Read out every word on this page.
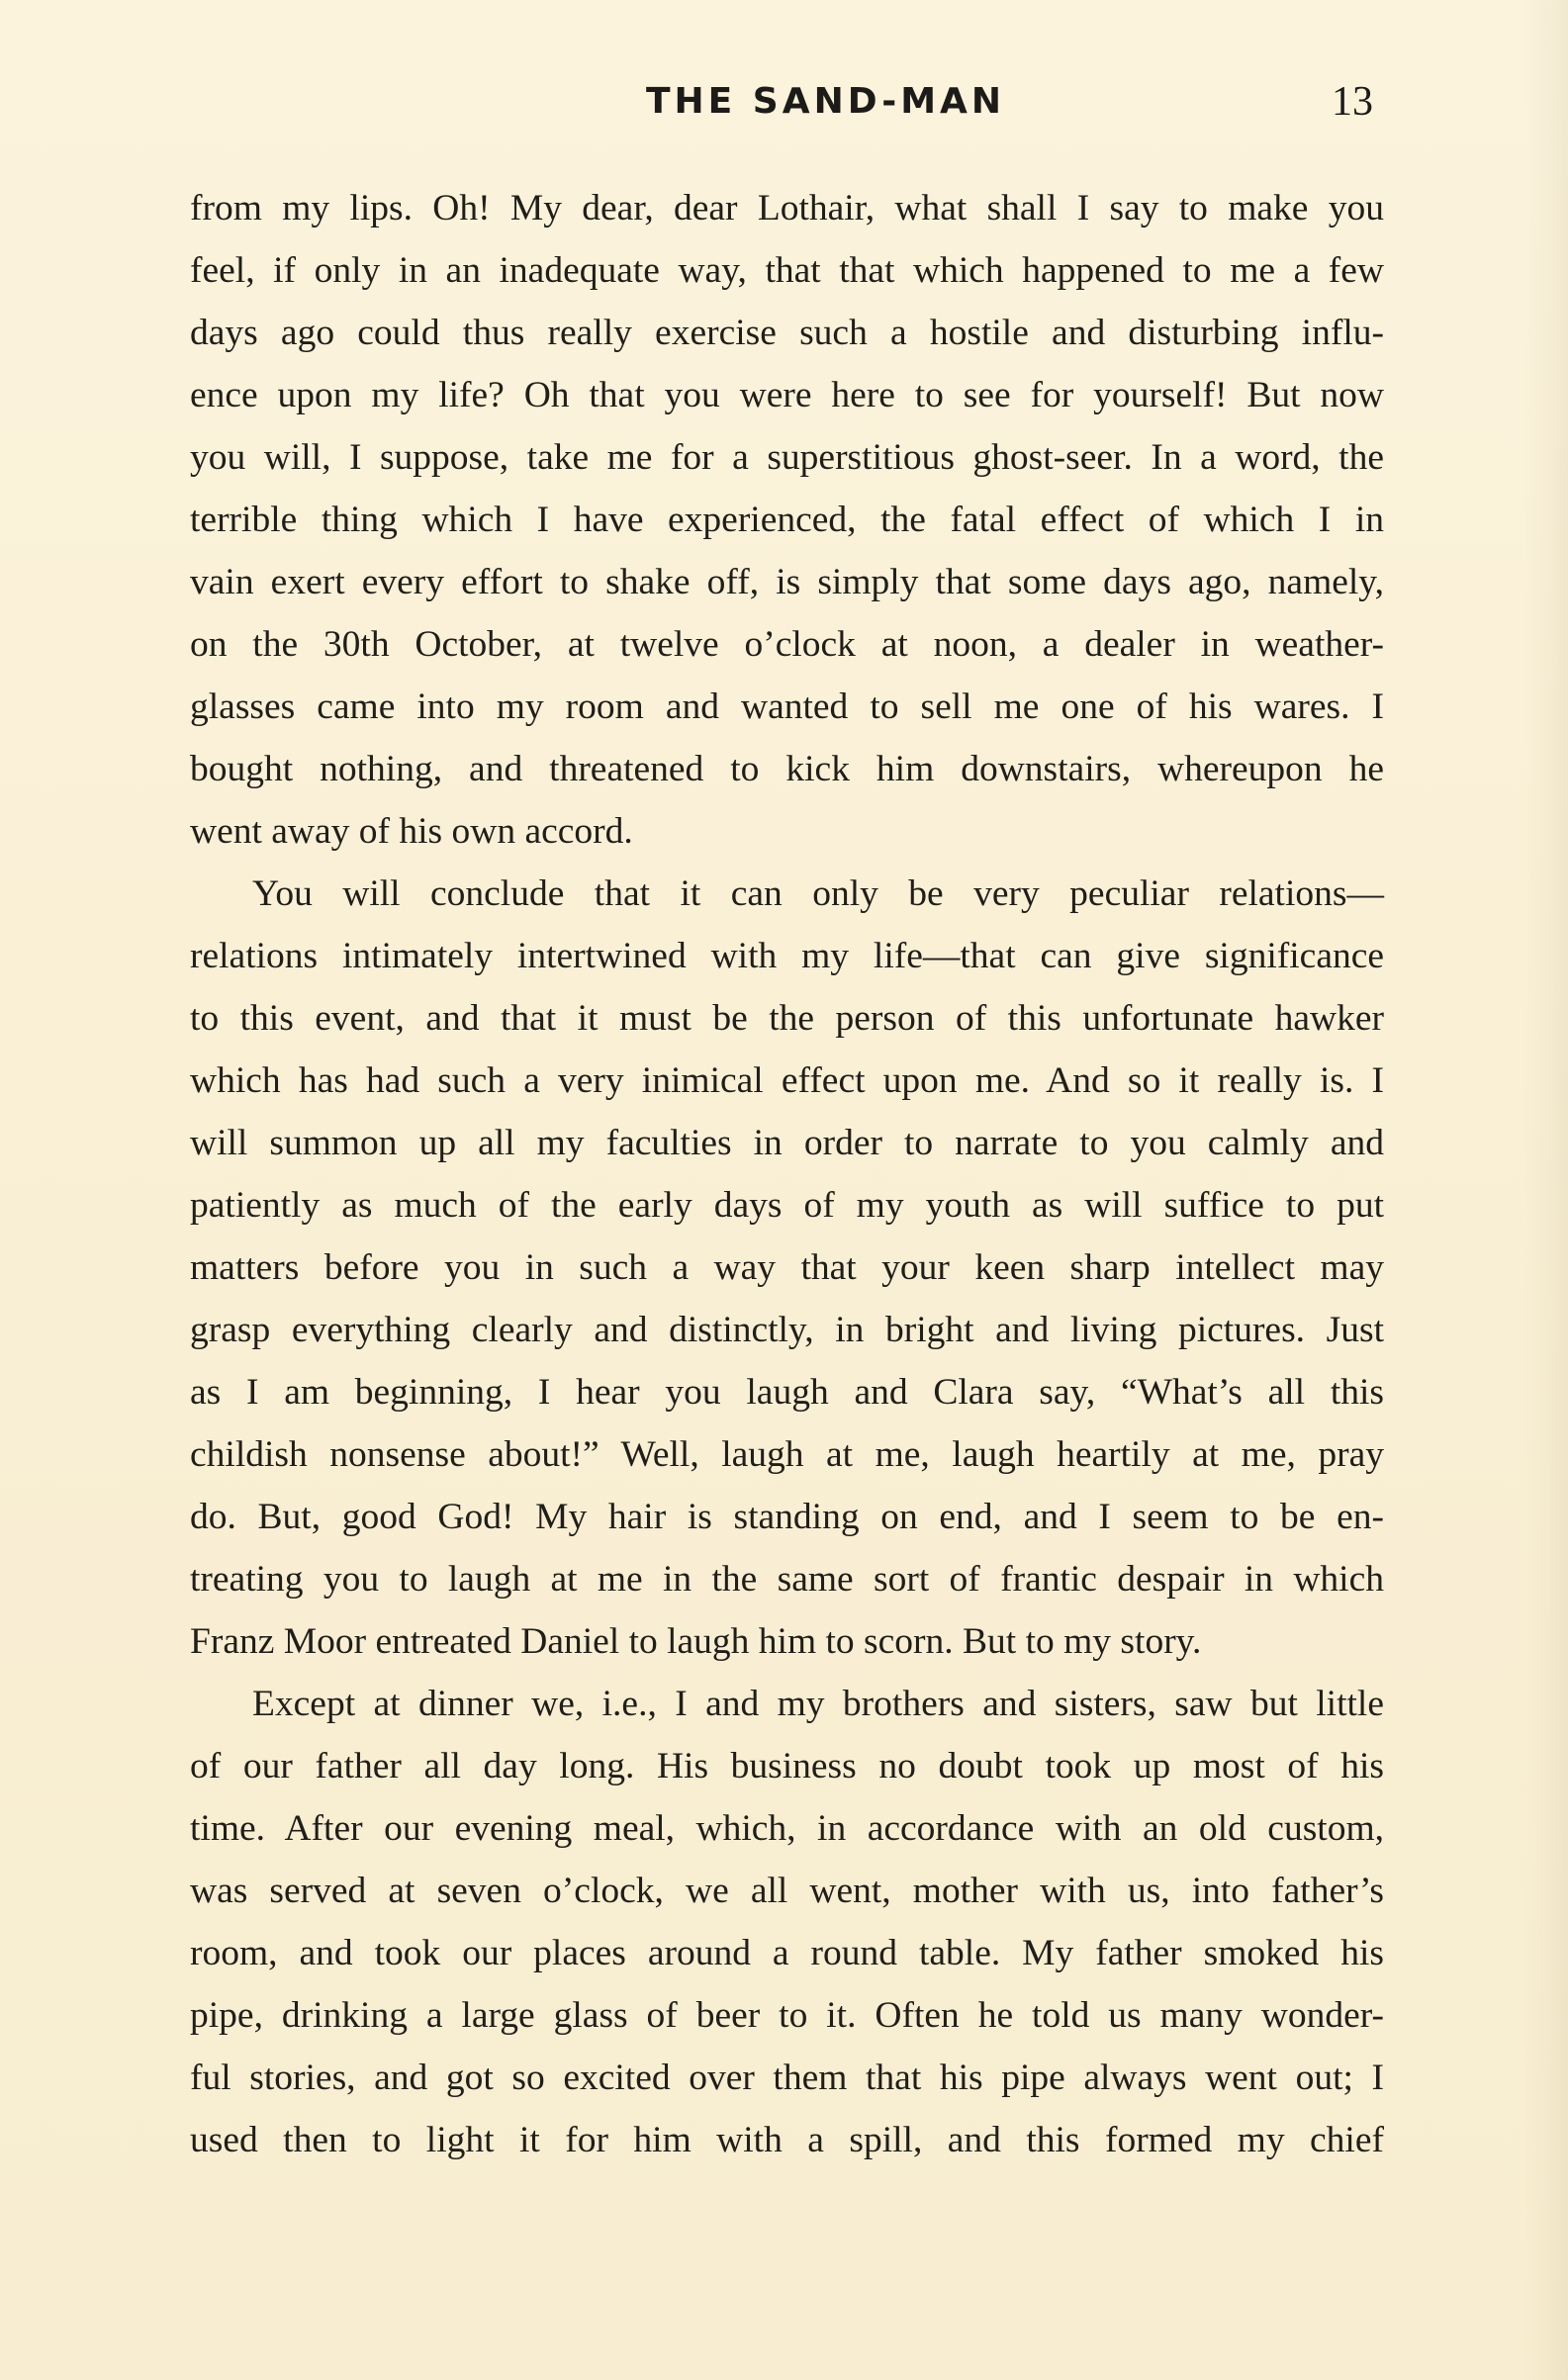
THE SAND-MAN	13
from my lips. Oh! My dear, dear Lothair, what shall I say to make you
feel, if only in an inadequate way, that that which happened to me a few
days ago could thus really exercise such a hostile and disturbing influ-
ence upon my life? Oh that you were here to see for yourself! But now
you will, I suppose, take me for a superstitious ghost-seer. In a word, the
terrible thing which I have experienced, the fatal effect of which I in
vain exert every effort to shake off, is simply that some days ago, namely,
on the 30th October, at twelve o’clock at noon, a dealer in weather-
glasses came into my room and wanted to sell me one of his wares. I
bought nothing, and threatened to kick him downstairs, whereupon he
went away of his own accord.
You will conclude that it can only be very peculiar relations—
relations intimately intertwined with my life—that can give significance
to this event, and that it must be the person of this unfortunate hawker
which has had such a very inimical effect upon me. And so it really is. I
will summon up all my faculties in order to narrate to you calmly and
patiently as much of the early days of my youth as will suffice to put
matters before you in such a way that your keen sharp intellect may
grasp everything clearly and distinctly, in bright and living pictures. Just
as I am beginning, I hear you laugh and Clara say, “What’s all this
childish nonsense about!” Well, laugh at me, laugh heartily at me, pray
do. But, good God! My hair is standing on end, and I seem to be en-
treating you to laugh at me in the same sort of frantic despair in which
Franz Moor entreated Daniel to laugh him to scorn. But to my story.
Except at dinner we, i.e., I and my brothers and sisters, saw but little
of our father all day long. His business no doubt took up most of his
time. After our evening meal, which, in accordance with an old custom,
was served at seven o’clock, we all went, mother with us, into father’s
room, and took our places around a round table. My father smoked his
pipe, drinking a large glass of beer to it. Often he told us many wonder-
ful stories, and got so excited over them that his pipe always went out; I
used then to light it for him with a spill, and this formed my chief
